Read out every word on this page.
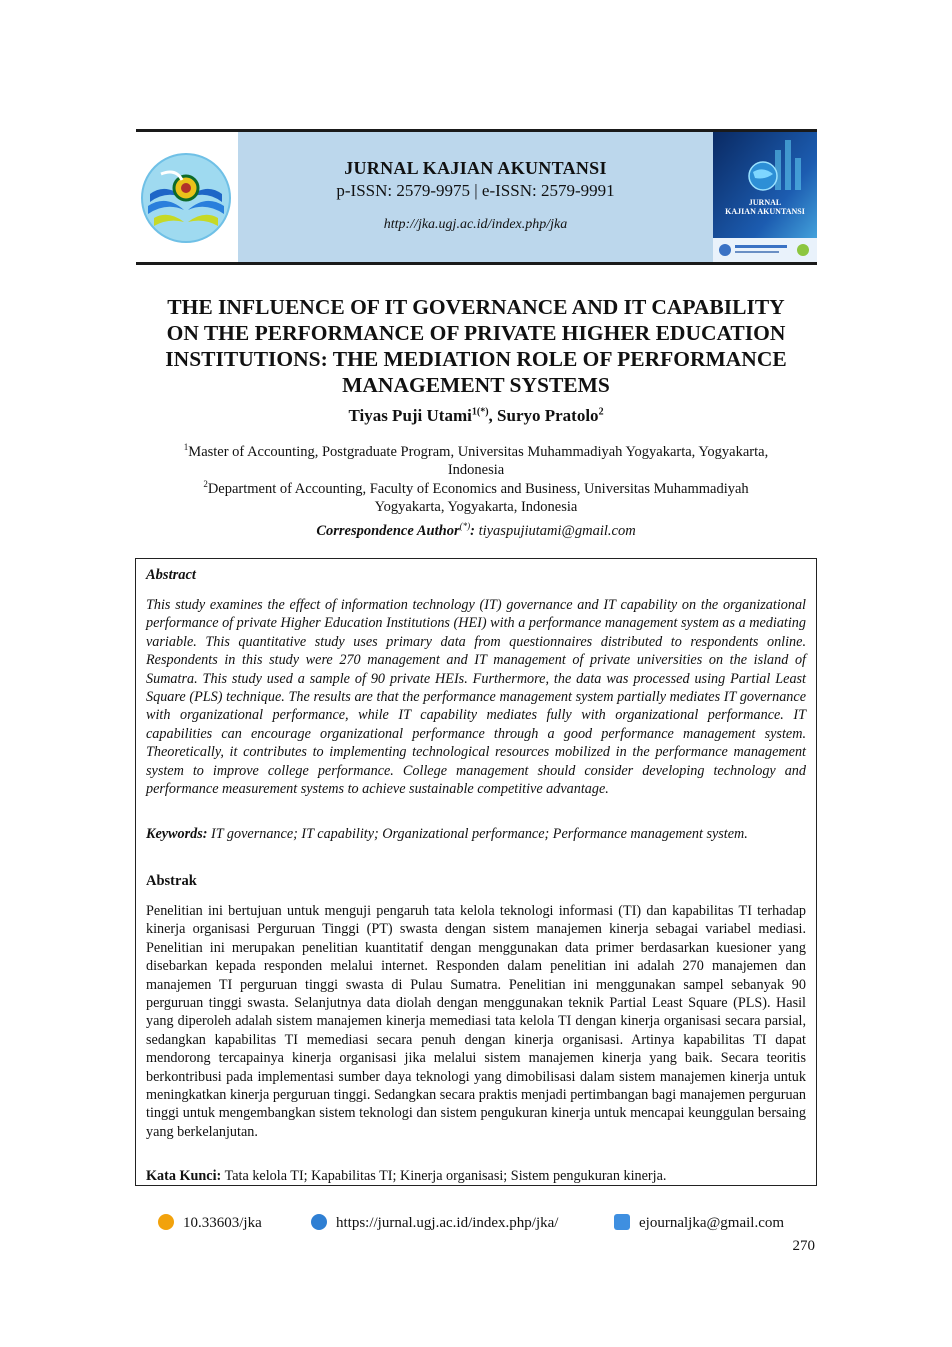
JURNAL KAJIAN AKUNTANSI
p-ISSN: 2579-9975 | e-ISSN: 2579-9991
http://jka.ugj.ac.id/index.php/jka
JURNAL
KAJIAN AKUNTANSI
THE INFLUENCE OF IT GOVERNANCE AND IT CAPABILITY
ON THE PERFORMANCE OF PRIVATE HIGHER EDUCATION
INSTITUTIONS: THE MEDIATION ROLE OF PERFORMANCE
MANAGEMENT SYSTEMS
Tiyas Puji Utami$^{1(*)}$, Suryo Pratolo$^2$
$^1$Master of Accounting, Postgraduate Program, Universitas Muhammadiyah Yogyakarta, Yogyakarta,
Indonesia
$^2$Department of Accounting, Faculty of Economics and Business, Universitas Muhammadiyah
Yogyakarta, Yogyakarta, Indonesia
Correspondence Author(*): tiyaspujiutami@gmail.com
Abstract
This study examines the effect of information technology (IT) governance and IT capability on the organizational performance of private Higher Education Institutions (HEI) with a performance management system as a mediating variable. This quantitative study uses primary data from questionnaires distributed to respondents online. Respondents in this study were 270 management and IT management of private universities on the island of Sumatra. This study used a sample of 90 private HEIs. Furthermore, the data was processed using Partial Least Square (PLS) technique. The results are that the performance management system partially mediates IT governance with organizational performance, while IT capability mediates fully with organizational performance. IT capabilities can encourage organizational performance through a good performance management system. Theoretically, it contributes to implementing technological resources mobilized in the performance management system to improve college performance. College management should consider developing technology and performance measurement systems to achieve sustainable competitive advantage.
Keywords: IT governance; IT capability; Organizational performance; Performance management system.
Abstrak
Penelitian ini bertujuan untuk menguji pengaruh tata kelola teknologi informasi (TI) dan kapabilitas TI terhadap kinerja organisasi Perguruan Tinggi (PT) swasta dengan sistem manajemen kinerja sebagai variabel mediasi. Penelitian ini merupakan penelitian kuantitatif dengan menggunakan data primer berdasarkan kuesioner yang disebarkan kepada responden melalui internet. Responden dalam penelitian ini adalah 270 manajemen dan manajemen TI perguruan tinggi swasta di Pulau Sumatra. Penelitian ini menggunakan sampel sebanyak 90 perguruan tinggi swasta. Selanjutnya data diolah dengan menggunakan teknik Partial Least Square (PLS). Hasil yang diperoleh adalah sistem manajemen kinerja memediasi tata kelola TI dengan kinerja organisasi secara parsial, sedangkan kapabilitas TI memediasi secara penuh dengan kinerja organisasi. Artinya kapabilitas TI dapat mendorong tercapainya kinerja organisasi jika melalui sistem manajemen kinerja yang baik. Secara teoritis berkontribusi pada implementasi sumber daya teknologi yang dimobilisasi dalam sistem manajemen kinerja untuk meningkatkan kinerja perguruan tinggi. Sedangkan secara praktis menjadi pertimbangan bagi manajemen perguruan tinggi untuk mengembangkan sistem teknologi dan sistem pengukuran kinerja untuk mencapai keunggulan bersaing yang berkelanjutan.
Kata Kunci: Tata kelola TI; Kapabilitas TI; Kinerja organisasi; Sistem pengukuran kinerja.
10.33603/jka	https://jurnal.ugj.ac.id/index.php/jka/	ejournaljka@gmail.com
270
